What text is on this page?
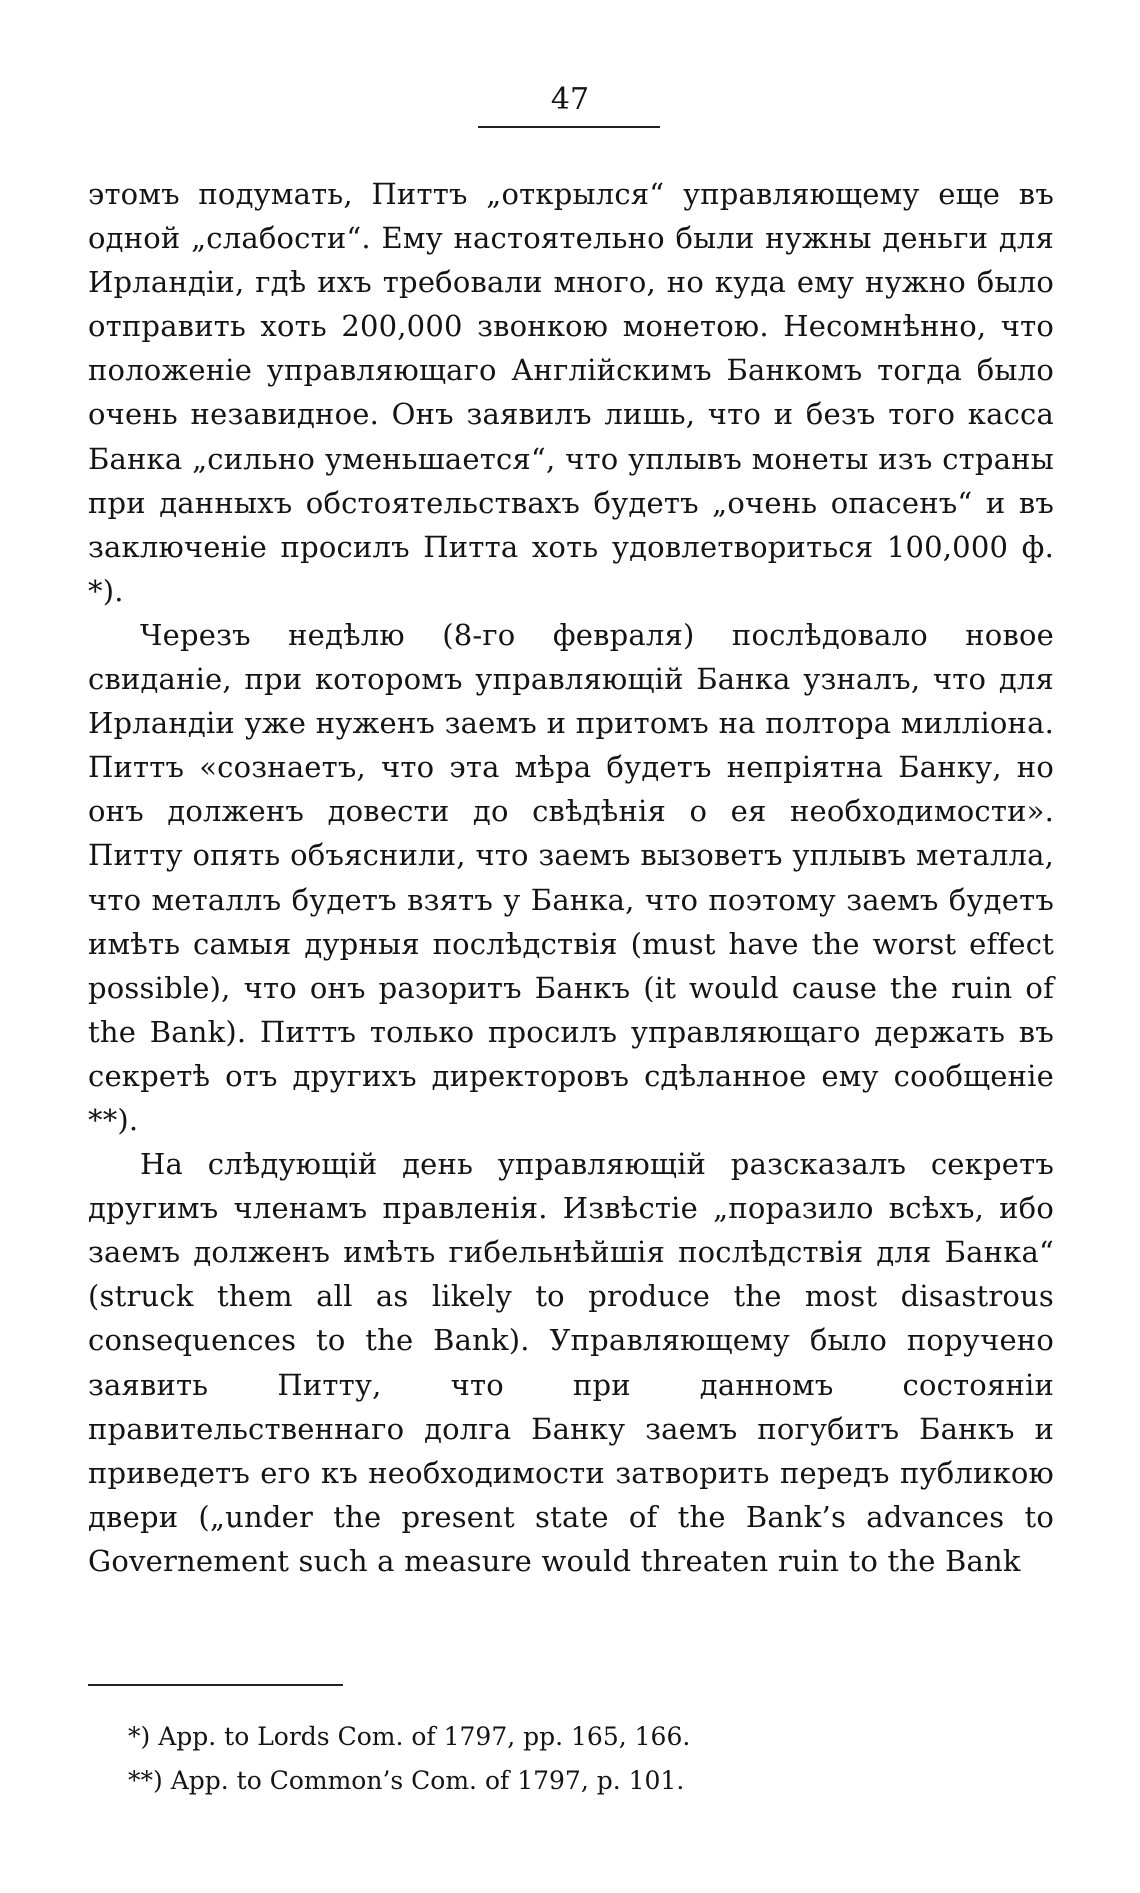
47

этомъ подумать, Питтъ „открылся“ управляющему еще въ одной „слабости“. Ему настоятельно были нужны деньги для Ирландіи, гдѣ ихъ требовали много, но куда ему нужно было отправить хоть 200,000 звонкою монетою. Несомнѣнно, что положеніе управляющаго Англійскимъ Банкомъ тогда было очень незавидное. Онъ заявилъ лишь, что и безъ того касса Банка „сильно уменьшается“, что уплывъ монеты изъ страны при данныхъ обстоятельствахъ будетъ „очень опасенъ“ и въ заключеніе просилъ Питта хоть удовлетвориться 100,000 ф. *).

Черезъ недѣлю (8-го февраля) послѣдовало новое свиданіе, при которомъ управляющій Банка узналъ, что для Ирландіи уже нуженъ заемъ и притомъ на полтора милліона. Питтъ «сознаетъ, что эта мѣра будетъ непріятна Банку, но онъ долженъ довести до свѣдѣнія о ея необходимости». Питту опять объяснили, что заемъ вызоветъ уплывъ металла, что металлъ будетъ взятъ у Банка, что поэтому заемъ будетъ имѣть самыя дурныя послѣдствія (must have the worst effect possible), что онъ разоритъ Банкъ (it would cause the ruin of the Bank). Питтъ только просилъ управляющаго держать въ секретѣ отъ другихъ директоровъ сдѣланное ему сообщеніе **).

На слѣдующій день управляющій разсказалъ секретъ другимъ членамъ правленія. Извѣстіе „поразило всѣхъ, ибо заемъ долженъ имѣть гибельнѣйшія послѣдствія для Банка“ (struck them all as likely to produce the most disastrous consequences to the Bank). Управляющему было поручено заявить Питту, что при данномъ состояніи правительственнаго долга Банку заемъ погубитъ Банкъ и приведетъ его къ необходимости затворить передъ публикою двери („under the present state of the Bank’s advances to Governement such a measure would threaten ruin to the Bank

*) App. to Lords Com. of 1797, pp. 165, 166.

**) App. to Common’s Com. of 1797, p. 101.
